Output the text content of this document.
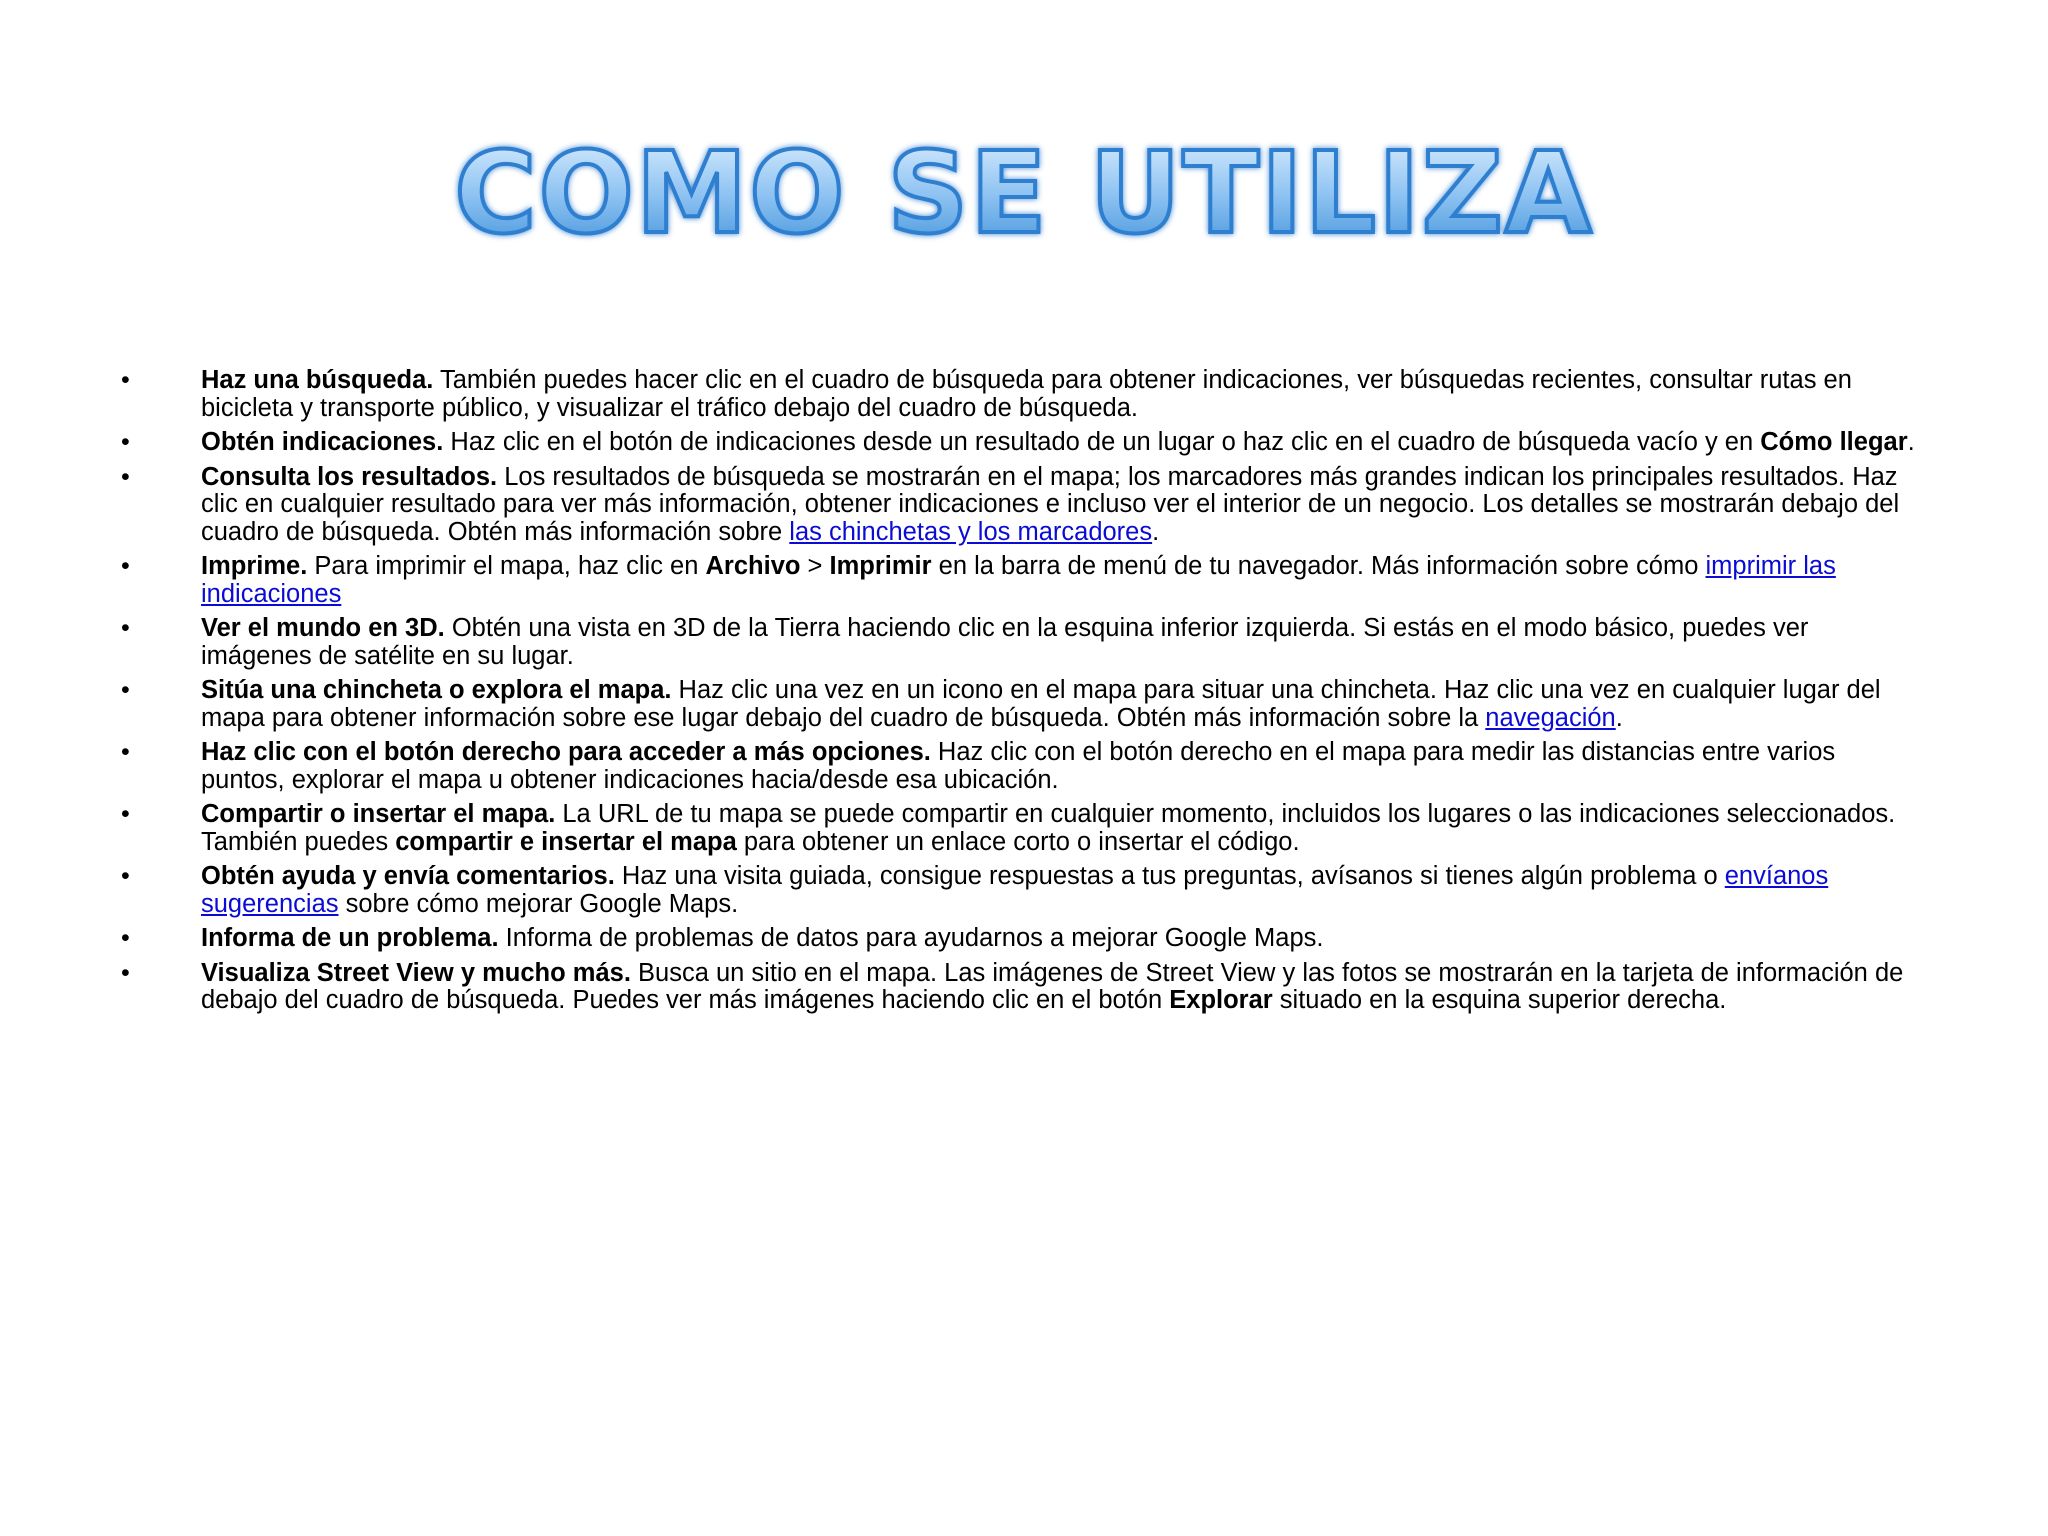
COMO SE UTILIZA
•	Haz una búsqueda. También puedes hacer clic en el cuadro de búsqueda para obtener indicaciones, ver búsquedas recientes, consultar rutas en bicicleta y transporte público, y visualizar el tráfico debajo del cuadro de búsqueda.
•	Obtén indicaciones. Haz clic en el botón de indicaciones desde un resultado de un lugar o haz clic en el cuadro de búsqueda vacío y en Cómo llegar.
•	Consulta los resultados. Los resultados de búsqueda se mostrarán en el mapa; los marcadores más grandes indican los principales resultados. Haz clic en cualquier resultado para ver más información, obtener indicaciones e incluso ver el interior de un negocio. Los detalles se mostrarán debajo del cuadro de búsqueda. Obtén más información sobre las chinchetas y los marcadores.
•	Imprime. Para imprimir el mapa, haz clic en Archivo > Imprimir en la barra de menú de tu navegador. Más información sobre cómo imprimir las indicaciones
•	Ver el mundo en 3D. Obtén una vista en 3D de la Tierra haciendo clic en la esquina inferior izquierda. Si estás en el modo básico, puedes ver imágenes de satélite en su lugar.
•	Sitúa una chincheta o explora el mapa. Haz clic una vez en un icono en el mapa para situar una chincheta. Haz clic una vez en cualquier lugar del mapa para obtener información sobre ese lugar debajo del cuadro de búsqueda. Obtén más información sobre la navegación.
•	Haz clic con el botón derecho para acceder a más opciones. Haz clic con el botón derecho en el mapa para medir las distancias entre varios puntos, explorar el mapa u obtener indicaciones hacia/desde esa ubicación.
•	Compartir o insertar el mapa. La URL de tu mapa se puede compartir en cualquier momento, incluidos los lugares o las indicaciones seleccionados. También puedes compartir e insertar el mapa para obtener un enlace corto o insertar el código.
•	Obtén ayuda y envía comentarios. Haz una visita guiada, consigue respuestas a tus preguntas, avísanos si tienes algún problema o envíanos sugerencias sobre cómo mejorar Google Maps.
•	Informa de un problema. Informa de problemas de datos para ayudarnos a mejorar Google Maps.
•	Visualiza Street View y mucho más. Busca un sitio en el mapa. Las imágenes de Street View y las fotos se mostrarán en la tarjeta de información de debajo del cuadro de búsqueda. Puedes ver más imágenes haciendo clic en el botón Explorar situado en la esquina superior derecha.
